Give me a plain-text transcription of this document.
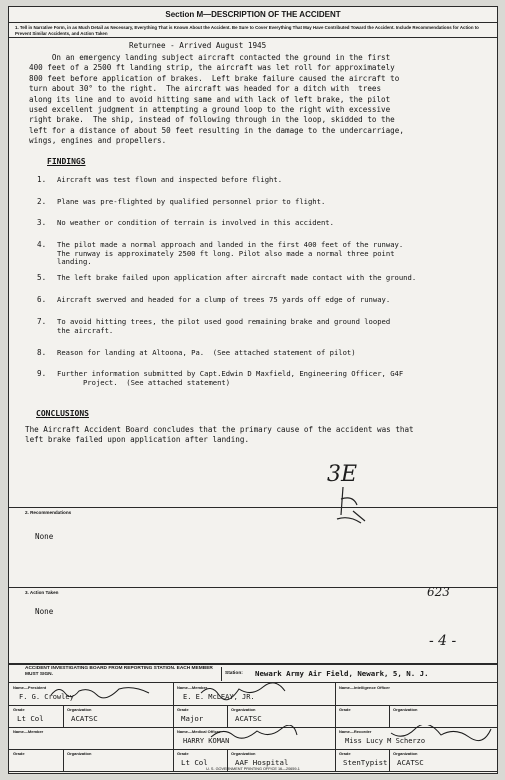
Section M—DESCRIPTION OF THE ACCIDENT
1. Tell in Narrative Form, in as Much Detail as Necessary, Everything That is Known About the Accident. Be Sure to Cover Everything That May Have Contributed Toward the Accident. Include Recommendations for Action to Prevent Similar Accidents, and Action Taken
Returnee - Arrived August 1945
On an emergency landing subject aircraft contacted the ground in the first
400 feet of a 2500 ft landing strip, the aircraft was let roll for approximately
800 feet before application of brakes.  Left brake failure caused the aircraft to
turn about 30° to the right.  The aircraft was headed for a ditch with  trees
along its line and to avoid hitting same and with lack of left brake, the pilot
used excellent judgment in attempting a ground loop to the right with excessive
right brake.  The ship, instead of following through in the loop, skidded to the
left for a distance of about 50 feet resulting in the damage to the undercarriage,
wings, engines and propellers.
FINDINGS
1. Aircraft was test flown and inspected before flight.
2. Plane was pre-flighted by qualified personnel prior to flight.
3. No weather or condition of terrain is involved in this accident.
4. The pilot made a normal approach and landed in the first 400 feet of the runway.
The runway is approximately 2500 ft long. Pilot also made a normal three point
landing.
5. The left brake failed upon application after aircraft made contact with the ground.
6. Aircraft swerved and headed for a clump of trees 75 yards off edge of runway.
7. To avoid hitting trees, the pilot used good remaining brake and ground looped
the aircraft.
8. Reason for landing at Altoona, Pa.  (See attached statement of pilot)
9. Further information submitted by Capt.Edwin D Maxfield, Engineering Officer, G4F
Project.  (See attached statement)
CONCLUSIONS
The Aircraft Accident Board concludes that the primary cause of the accident was that
left brake failed upon application after landing.
3E
2. Recommendations
None
3. Action Taken
None
623
- 4 -
ACCIDENT INVESTIGATING BOARD FROM REPORTING STATION. EACH MEMBER MUST SIGN.	Station: Newark Army Air Field, Newark, 5, N. J.
Name—President
F. G. Crowley
Grade
Lt Col
Organization
ACATSC
Name—Member
E. E. McLEAY, JR.
Grade
Major
Organization
ACATSC
Name—Intelligence Officer
Grade	Organization
Name—Member
Grade	Organization
Name—Medical Officer
HARRY KOMAN
Grade
Lt Col
Organization
AAF Hospital
Name—Recorder
Miss Lucy M Scherzo
Grade
StenTypist
Organization
ACATSC
U. S. GOVERNMENT PRINTING OFFICE 16—20659-1
